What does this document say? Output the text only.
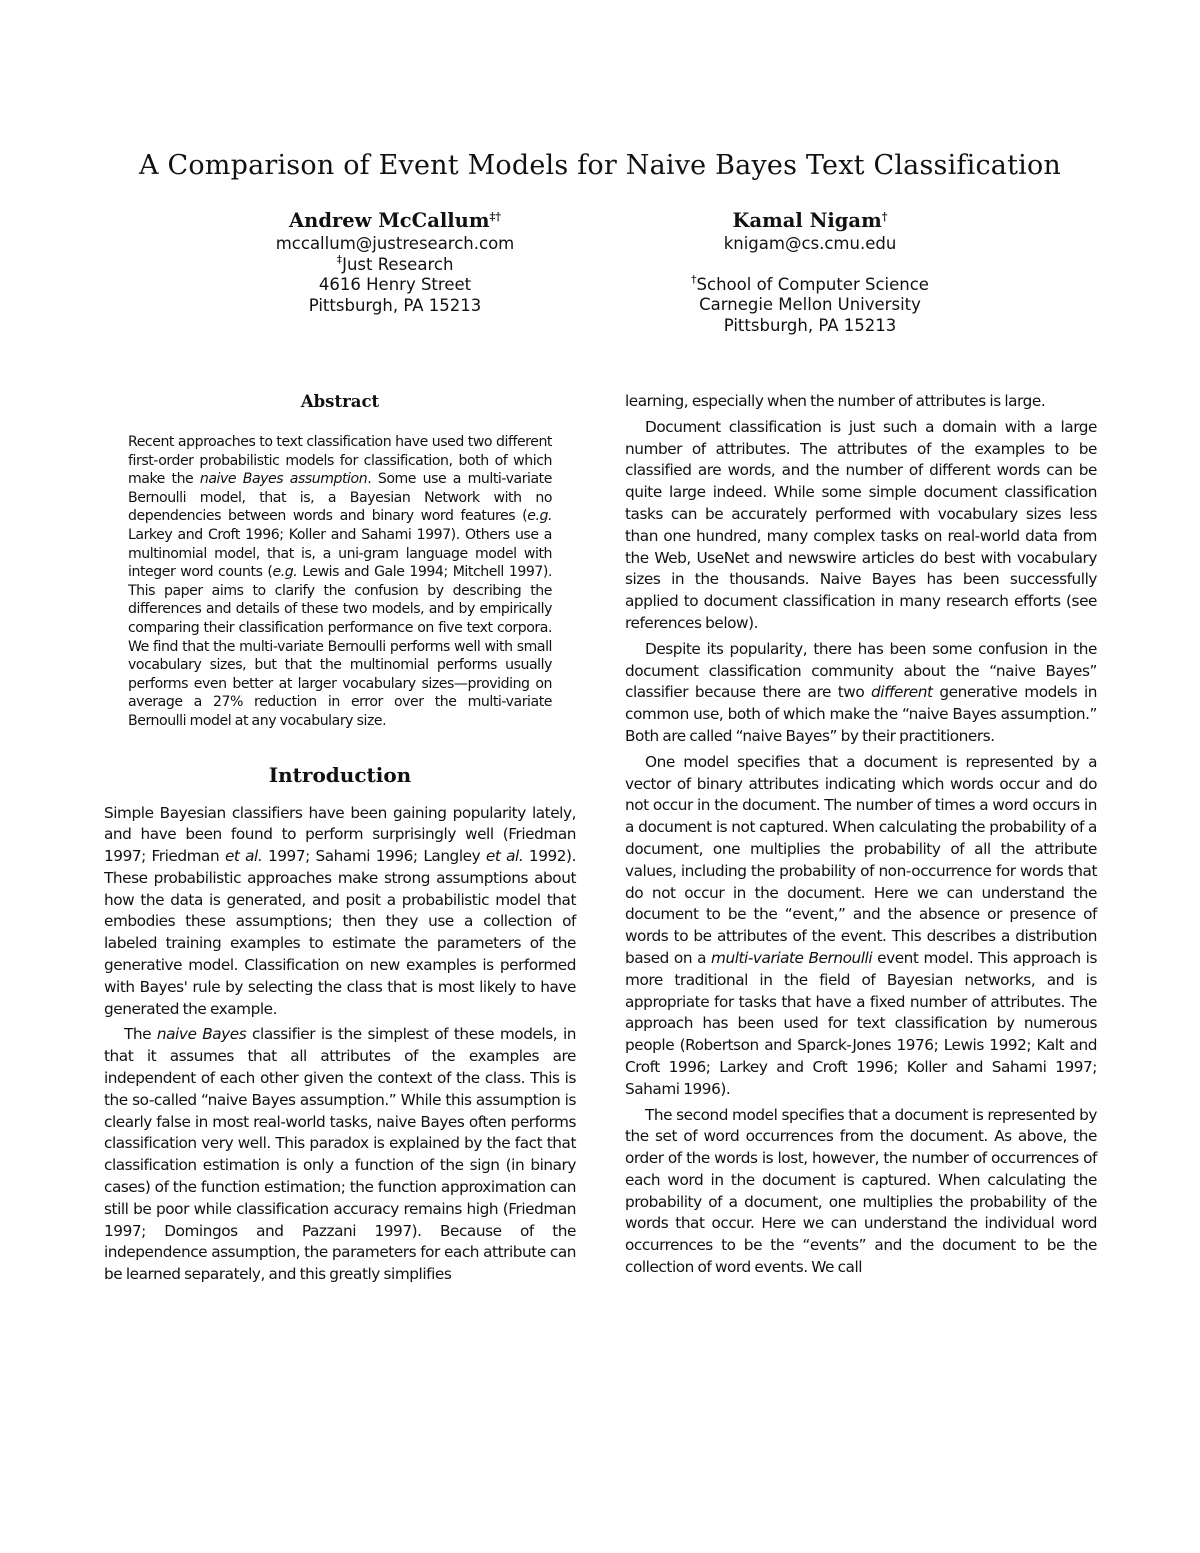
A Comparison of Event Models for Naive Bayes Text Classification
Andrew McCallum‡†
mccallum@justresearch.com
‡Just Research
4616 Henry Street
Pittsburgh, PA 15213
Kamal Nigam†
knigam@cs.cmu.edu
†School of Computer Science
Carnegie Mellon University
Pittsburgh, PA 15213
Abstract

Recent approaches to text classification have used two different first-order probabilistic models for classification, both of which make the naive Bayes assumption. Some use a multi-variate Bernoulli model, that is, a Bayesian Network with no dependencies between words and binary word features (e.g. Larkey and Croft 1996; Koller and Sahami 1997). Others use a multinomial model, that is, a uni-gram language model with integer word counts (e.g. Lewis and Gale 1994; Mitchell 1997). This paper aims to clarify the confusion by describing the differences and details of these two models, and by empirically comparing their classification performance on five text corpora. We find that the multi-variate Bernoulli performs well with small vocabulary sizes, but that the multinomial performs usually performs even better at larger vocabulary sizes—providing on average a 27% reduction in error over the multi-variate Bernoulli model at any vocabulary size.

Introduction

Simple Bayesian classifiers have been gaining popularity lately, and have been found to perform surprisingly well (Friedman 1997; Friedman et al. 1997; Sahami 1996; Langley et al. 1992). These probabilistic approaches make strong assumptions about how the data is generated, and posit a probabilistic model that embodies these assumptions; then they use a collection of labeled training examples to estimate the parameters of the generative model. Classification on new examples is performed with Bayes' rule by selecting the class that is most likely to have generated the example.

The naive Bayes classifier is the simplest of these models, in that it assumes that all attributes of the examples are independent of each other given the context of the class. This is the so-called “naive Bayes assumption.” While this assumption is clearly false in most real-world tasks, naive Bayes often performs classification very well. This paradox is explained by the fact that classification estimation is only a function of the sign (in binary cases) of the function estimation; the function approximation can still be poor while classification accuracy remains high (Friedman 1997; Domingos and Pazzani 1997). Because of the independence assumption, the parameters for each attribute can be learned separately, and this greatly simplifies

learning, especially when the number of attributes is large.

Document classification is just such a domain with a large number of attributes. The attributes of the examples to be classified are words, and the number of different words can be quite large indeed. While some simple document classification tasks can be accurately performed with vocabulary sizes less than one hundred, many complex tasks on real-world data from the Web, UseNet and newswire articles do best with vocabulary sizes in the thousands. Naive Bayes has been successfully applied to document classification in many research efforts (see references below).

Despite its popularity, there has been some confusion in the document classification community about the “naive Bayes” classifier because there are two different generative models in common use, both of which make the “naive Bayes assumption.” Both are called “naive Bayes” by their practitioners.

One model specifies that a document is represented by a vector of binary attributes indicating which words occur and do not occur in the document. The number of times a word occurs in a document is not captured. When calculating the probability of a document, one multiplies the probability of all the attribute values, including the probability of non-occurrence for words that do not occur in the document. Here we can understand the document to be the “event,” and the absence or presence of words to be attributes of the event. This describes a distribution based on a multi-variate Bernoulli event model. This approach is more traditional in the field of Bayesian networks, and is appropriate for tasks that have a fixed number of attributes. The approach has been used for text classification by numerous people (Robertson and Sparck-Jones 1976; Lewis 1992; Kalt and Croft 1996; Larkey and Croft 1996; Koller and Sahami 1997; Sahami 1996).

The second model specifies that a document is represented by the set of word occurrences from the document. As above, the order of the words is lost, however, the number of occurrences of each word in the document is captured. When calculating the probability of a document, one multiplies the probability of the words that occur. Here we can understand the individual word occurrences to be the “events” and the document to be the collection of word events. We call
